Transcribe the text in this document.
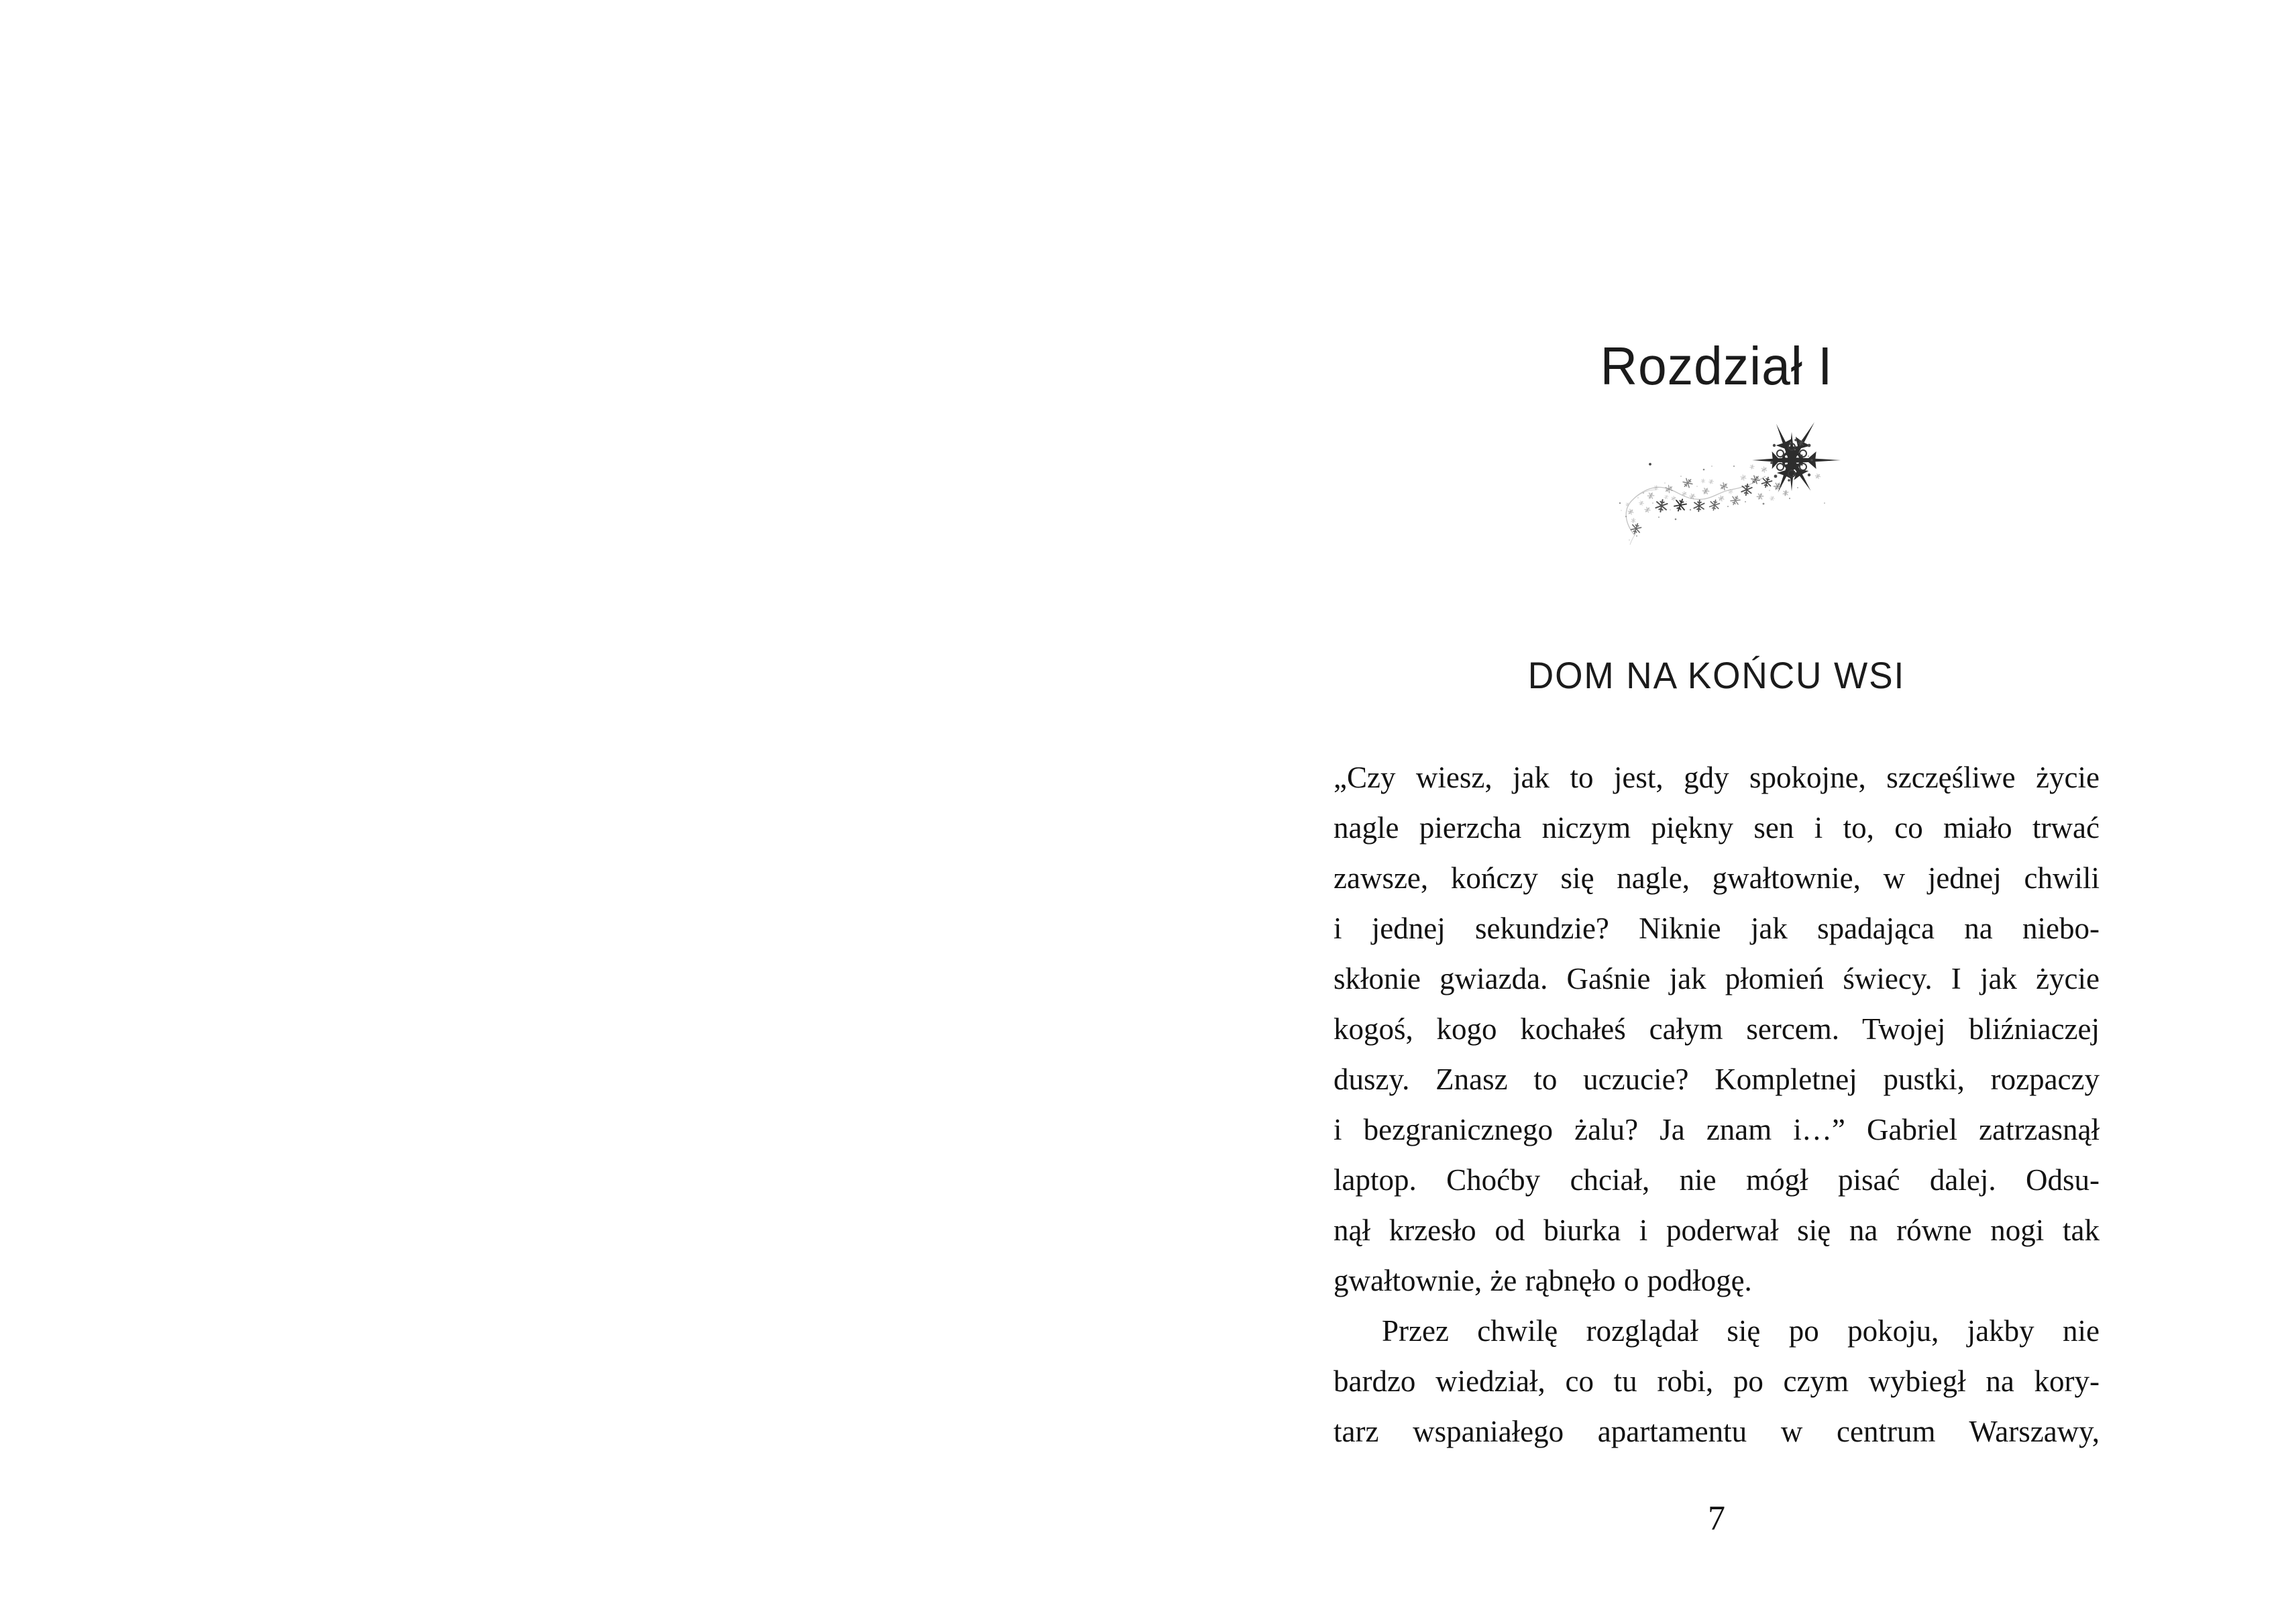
Rozdział I
DOM NA KOŃCU WSI
„Czy wiesz, jak to jest, gdy spokojne, szczęśliwe życie
nagle pierzcha niczym piękny sen i to, co miało trwać
zawsze, kończy się nagle, gwałtownie, w jednej chwili
i jednej sekundzie? Niknie jak spadająca na niebo-
skłonie gwiazda. Gaśnie jak płomień świecy. I jak życie
kogoś, kogo kochałeś całym sercem. Twojej bliźniaczej
duszy. Znasz to uczucie? Kompletnej pustki, rozpaczy
i bezgranicznego żalu? Ja znam i…” Gabriel zatrzasnął
laptop. Choćby chciał, nie mógł pisać dalej. Odsu-
nął krzesło od biurka i poderwał się na równe nogi tak
gwałtownie, że rąbnęło o podłogę.
Przez chwilę rozglądał się po pokoju, jakby nie
bardzo wiedział, co tu robi, po czym wybiegł na kory-
tarz wspaniałego apartamentu w centrum Warszawy,
7
